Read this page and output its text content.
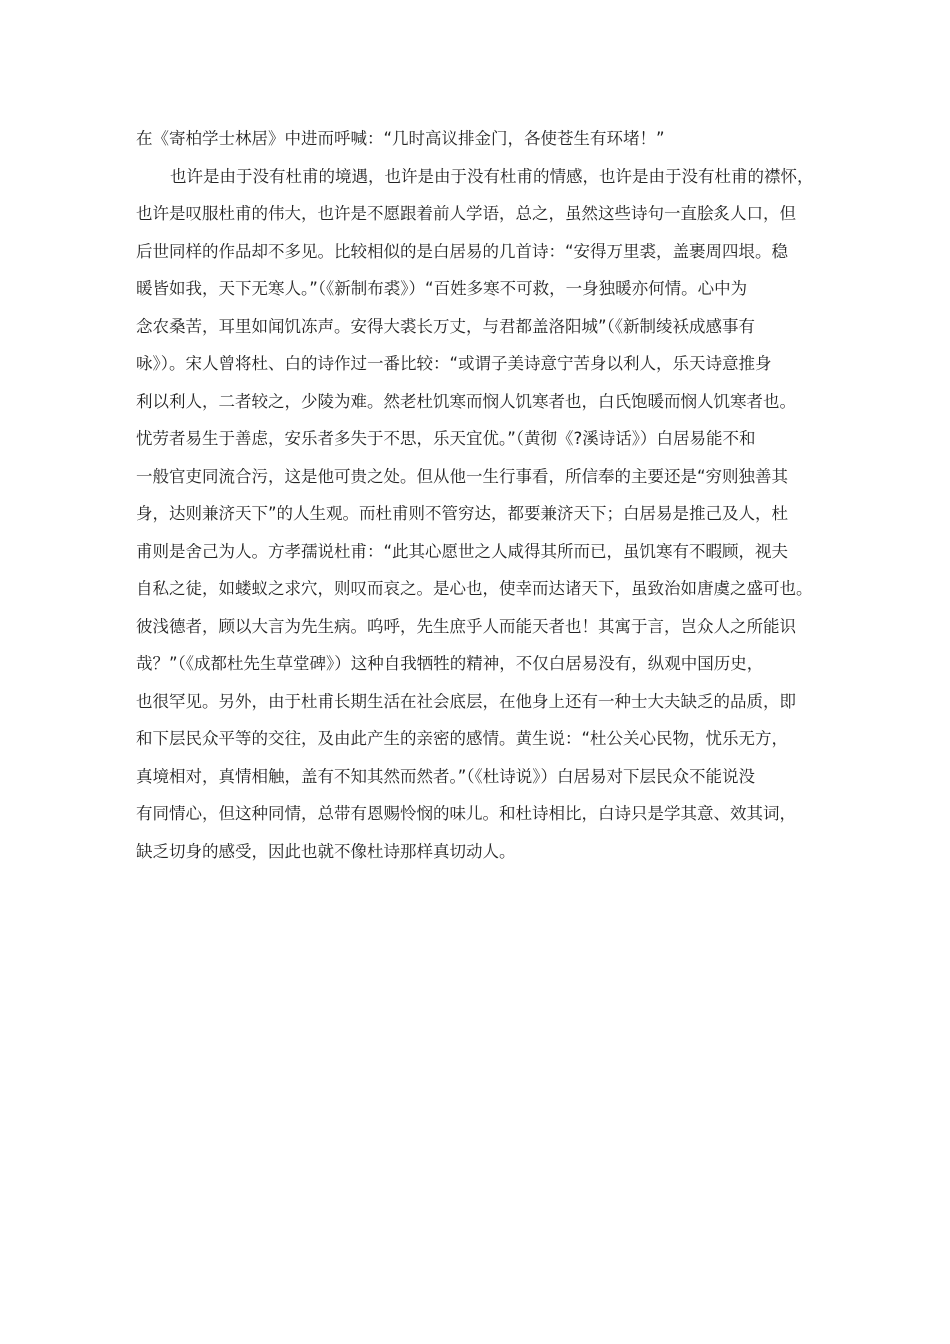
在《寄柏学士林居》中进而呼喊：“几时高议排金门，各使苍生有环堵！”
也许是由于没有杜甫的境遇，也许是由于没有杜甫的情感，也许是由于没有杜甫的襟怀，
也许是叹服杜甫的伟大，也许是不愿跟着前人学语，总之，虽然这些诗句一直脍炙人口，但
后世同样的作品却不多见。比较相似的是白居易的几首诗：“安得万里裘，盖裹周四垠。稳
暖皆如我，天下无寒人。”（《新制布裘》）“百姓多寒不可救，一身独暖亦何情。心中为
念农桑苦，耳里如闻饥冻声。安得大裘长万丈，与君都盖洛阳城”（《新制绫袄成感事有
咏》）。宋人曾将杜、白的诗作过一番比较：“或谓子美诗意宁苦身以利人，乐天诗意推身
利以利人，二者较之，少陵为难。然老杜饥寒而悯人饥寒者也，白氏饱暖而悯人饥寒者也。
忧劳者易生于善虑，安乐者多失于不思，乐天宜优。”（黄彻《?溪诗话》）白居易能不和
一般官吏同流合污，这是他可贵之处。但从他一生行事看，所信奉的主要还是“穷则独善其
身，达则兼济天下”的人生观。而杜甫则不管穷达，都要兼济天下；白居易是推己及人，杜
甫则是舍己为人。方孝孺说杜甫：“此其心愿世之人咸得其所而已，虽饥寒有不暇顾，视夫
自私之徒，如蝼蚁之求穴，则叹而哀之。是心也，使幸而达诸天下，虽致治如唐虞之盛可也。
彼浅德者，顾以大言为先生病。呜呼，先生庶乎人而能天者也！其寓于言，岂众人之所能识
哉？”（《成都杜先生草堂碑》）这种自我牺牲的精神，不仅白居易没有，纵观中国历史，
也很罕见。另外，由于杜甫长期生活在社会底层，在他身上还有一种士大夫缺乏的品质，即
和下层民众平等的交往，及由此产生的亲密的感情。黄生说：“杜公关心民物，忧乐无方，
真境相对，真情相触，盖有不知其然而然者。”（《杜诗说》）白居易对下层民众不能说没
有同情心，但这种同情，总带有恩赐怜悯的味儿。和杜诗相比，白诗只是学其意、效其词，
缺乏切身的感受，因此也就不像杜诗那样真切动人。
